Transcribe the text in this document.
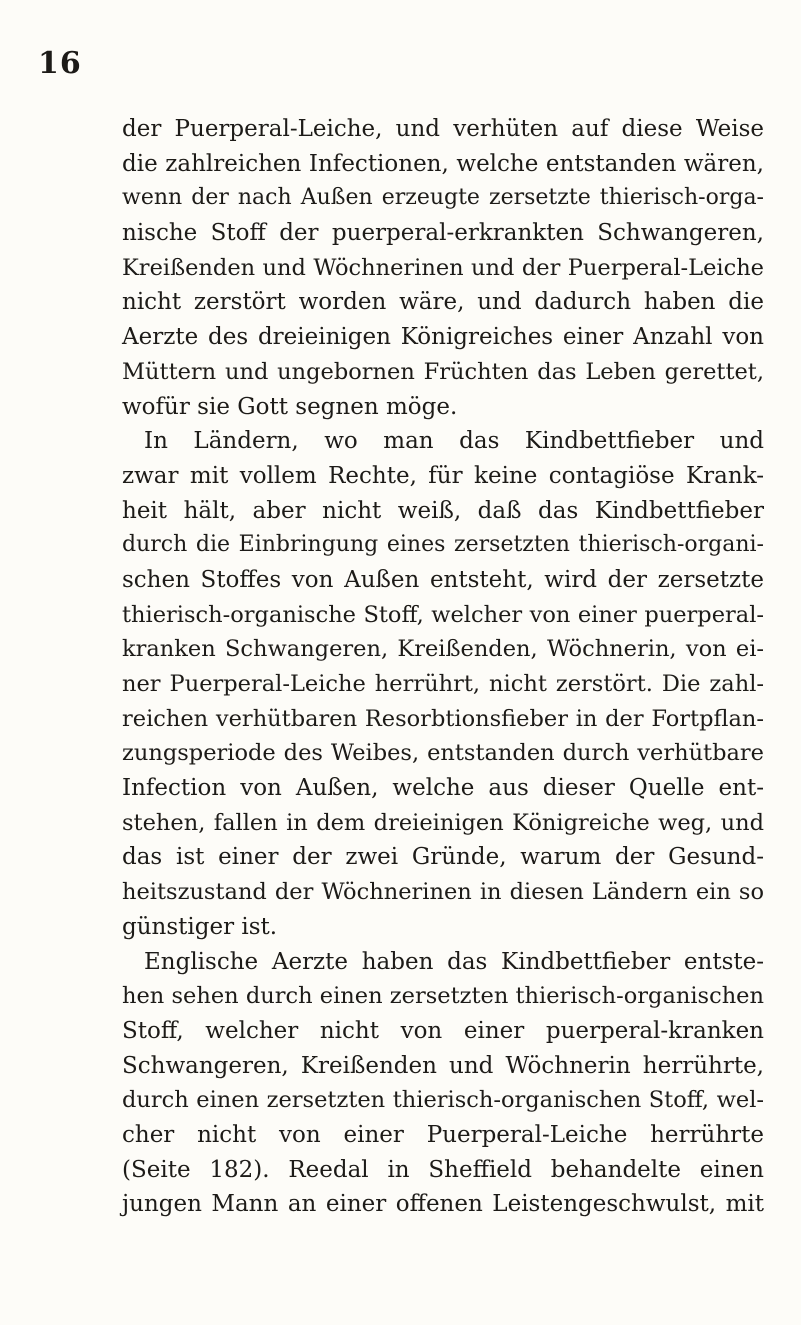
16
der Puerperal-Leiche, und verhüten auf diese Weise
die zahlreichen Infectionen, welche entstanden wären,
wenn der nach Außen erzeugte zersetzte thierisch-orga-
nische Stoff der puerperal-erkrankten Schwangeren,
Kreißenden und Wöchnerinen und der Puerperal-Leiche
nicht zerstört worden wäre, und dadurch haben die
Aerzte des dreieinigen Königreiches einer Anzahl von
Müttern und ungebornen Früchten das Leben gerettet,
wofür sie Gott segnen möge.
In Ländern, wo man das Kindbettfieber und
zwar mit vollem Rechte, für keine contagiöse Krank-
heit hält, aber nicht weiß, daß das Kindbettfieber
durch die Einbringung eines zersetzten thierisch-organi-
schen Stoffes von Außen entsteht, wird der zersetzte
thierisch-organische Stoff, welcher von einer puerperal-
kranken Schwangeren, Kreißenden, Wöchnerin, von ei-
ner Puerperal-Leiche herrührt, nicht zerstört. Die zahl-
reichen verhütbaren Resorbtionsfieber in der Fortpflan-
zungsperiode des Weibes, entstanden durch verhütbare
Infection von Außen, welche aus dieser Quelle ent-
stehen, fallen in dem dreieinigen Königreiche weg, und
das ist einer der zwei Gründe, warum der Gesund-
heitszustand der Wöchnerinen in diesen Ländern ein so
günstiger ist.
Englische Aerzte haben das Kindbettfieber entste-
hen sehen durch einen zersetzten thierisch-organischen
Stoff, welcher nicht von einer puerperal-kranken
Schwangeren, Kreißenden und Wöchnerin herrührte,
durch einen zersetzten thierisch-organischen Stoff, wel-
cher nicht von einer Puerperal-Leiche herrührte
(Seite 182). Reedal in Sheffield behandelte einen
jungen Mann an einer offenen Leistengeschwulst, mit
